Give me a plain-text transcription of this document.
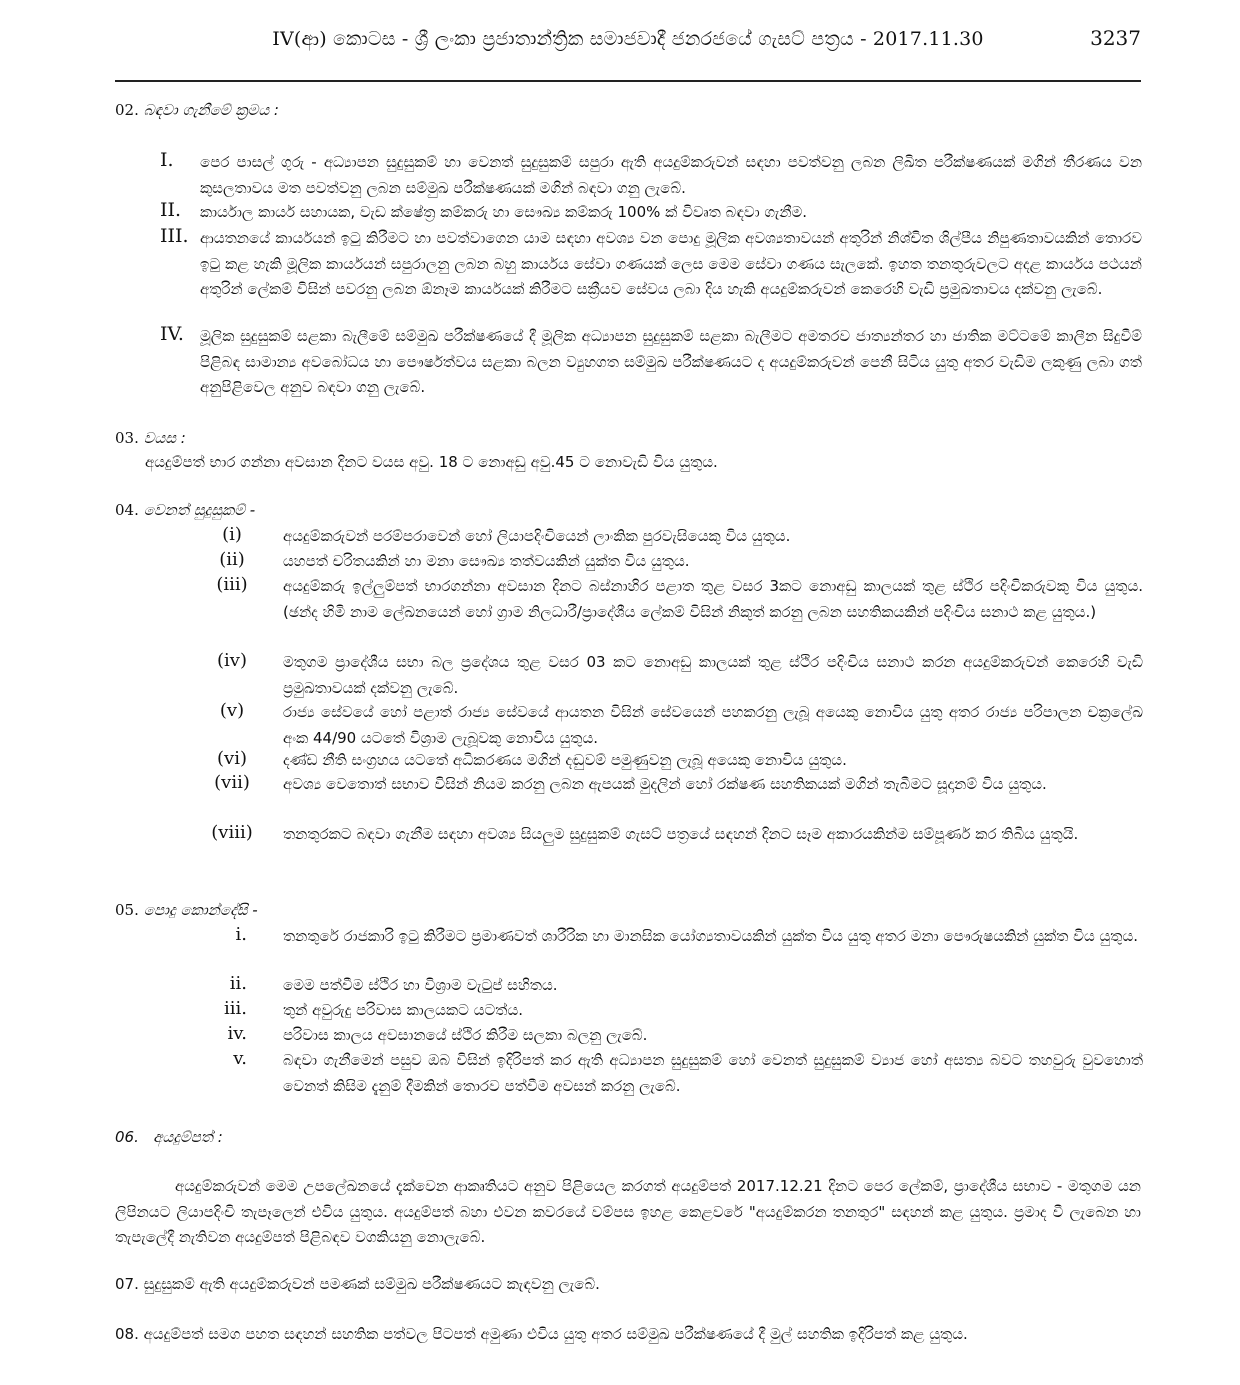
IV(ආ) කොටස - ශ්‍රී ලංකා ප්‍රජාතාන්ත්‍රික සමාජවාදී ජනරජයේ ගැසට් පත්‍රය - 2017.11.30	3237
02. බඳවා ගැනීමේ ක්‍රමය :
I.	පෙර පාසල් ගුරු - අධ්‍යාපන සුදුසුකම් හා වෙනත් සුදුසුකම් සපුරා ඇති අයදුම්කරුවන් සඳහා පවත්වනු ලබන ලිඛිත පරීක්ෂණයක් මගින් තීරණය වන කුසලතාවය මත පවත්වනු ලබන සම්මුඛ පරීක්ෂණයක් මගින් බඳවා ගනු ලැබේ.
II.	කාර්යාල කාර්ය සහායක, වැඩ ක්ෂේත්‍ර කම්කරු හා සෞඛ්‍ය කම්කරු 100% ක් විවෘත බඳවා ගැනීම.
III. ආයතනයේ කාර්යයන් ඉටු කිරීමට හා පවත්වාගෙන යාම සඳහා අවශ්‍ය වන පොදු මූලික අවශ්‍යතාවයන් අතුරින් නිශ්චිත ශිල්පීය නිපුණතාවයකින් තොරව ඉටු කළ හැකි මූලික කාර්යයන් සපුරාලනු ලබන බහු කාර්යය සේවා ගණයක් ලෙස මෙම සේවා ගණය සැලකේ. ඉහත තනතුරුවලට අදළ කාර්යය පථයන් අතුරින් ලේකම් විසින් පවරනු ලබන ඕනෑම කාර්යයක් කිරීමට සක්‍රීයව සේවය ලබා දිය හැකි අයදුම්කරුවන් කෙරෙහි වැඩි ප්‍රමුඛතාවය දක්වනු ලැබේ.
IV.	මූලික සුදුසුකම් සළකා බැලීමේ සම්මුඛ පරීක්ෂණයේ දී මූලික අධ්‍යාපන සුදුසුකම් සළකා බැලීමට අමතරව ජාත්‍යන්තර හා ජාතික මට්ටමේ කාලීන සිදුවීම් පිළිබඳ සාමාන්‍ය අවබෝධය හා පෞර්ෂත්වය සළකා බලන ව්‍යුහගත සම්මුඛ පරීක්ෂණයට ද අයදුම්කරුවන් පෙනී සිටිය යුතු අතර වැඩිම ලකුණු ලබා ගත් අනුපිළිවෙල අනුව බඳවා ගනු ලැබේ.
03. වයස :
අයදුම්පත් භාර ගන්නා අවසාන දිනට වයස අවු. 18 ට නොඅඩු අවු.45 ට නොවැඩි විය යුතුය.
04. වෙනත් සුදුසුකම් -
(i)	අයදුම්කරුවන් පරම්පරාවෙන් හෝ ලියාපදිංචියෙන් ලාංකික පුරවැසියෙකු විය යුතුය.
(ii)	යහපත් චරිතයකින් හා මනා සෞඛ්‍ය තත්වයකින් යුක්ත විය යුතුය.
(iii)	අයදුම්කරු ඉල්ලුම්පත් භාරගන්නා අවසාන දිනට බස්නාහිර පළාත තුළ වසර 3කට නොඅඩු කාලයක් තුළ ස්ථිර පදිංචිකරුවකු විය යුතුය. (ඡන්ද හිමි නාම ලේඛනයෙන් හෝ ග්‍රාම නිලධාරී/ප්‍රාදේශීය ලේකම් විසින් නිකුත් කරනු ලබන සහතිකයකින් පදිංචිය සනාථ කළ යුතුය.)
(iv)	මතුගම ප්‍රාදේශීය සභා බල ප්‍රදේශය තුළ වසර 03 කට නොඅඩු කාලයක් තුළ ස්ථිර පදිංචිය සනාථ කරන අයදුම්කරුවන් කෙරෙහි වැඩි ප්‍රමුඛතාවයක් දක්වනු ලැබේ.
(v)	රාජ්‍ය සේවයේ හෝ පළාත් රාජ්‍ය සේවයේ ආයතන විසින් සේවයෙන් පහකරනු ලැබූ අයෙකු නොවිය යුතු අතර රාජ්‍ය පරිපාලන චක්‍රලේඛ අංක 44/90 යටතේ විශ්‍රාම ලැබූවකු නොවිය යුතුය.
(vi)	දණ්ඩ නීති සංග්‍රහය යටතේ අධිකරණය මගින් දඬුවම් පමුණුවනු ලැබූ අයෙකු නොවිය යුතුය.
(vii)	අවශ්‍ය වෙතොත් සභාව විසින් නියම කරනු ලබන ඇපයක් මුදලින් හෝ රක්ෂණ සහතිකයක් මගින් තැබීමට සූදානම් විය යුතුය.
(viii)	තනතුරකට බඳවා ගැනීම සඳහා අවශ්‍ය සියලුම සුදුසුකම් ගැසට් පත්‍රයේ සඳහන් දිනට සෑම අකාරයකින්ම සම්පූර්ණ කර තිබිය යුතුයි.
05. පොදු කොන්දේසි -
i. තනතුරේ රාජකාරි ඉටු කිරීමට ප්‍රමාණවත් ශාරීරික හා මානසික යෝග්‍යතාවයකින් යුක්ත විය යුතු අතර මනා පෞරුෂයකින් යුක්ත විය යුතුය.
ii. මෙම පත්වීම ස්ථිර හා විශ්‍රාම වැටුප් සහිතය.
iii. තුන් අවුරුදු පරිවාස කාලයකට යටත්ය.
iv. පරිවාස කාලය අවසානයේ ස්ථිර කිරීම සලකා බලනු ලැබේ.
v. බඳවා ගැනීමෙන් පසුව ඔබ විසින් ඉදිරිපත් කර ඇති අධ්‍යාපන සුදුසුකම් හෝ වෙනත් සුදුසුකම් ව්‍යාජ හෝ අසත්‍ය බවට තහවුරු වුවහොත් වෙනත් කිසිම දැනුම් දීමකින් තොරව පත්වීම අවසන් කරනු ලැබේ.
06. අයදුම්පත් :
අයදුම්කරුවන් මෙම උපලේඛනයේ දැක්වෙන ආකෘතියට අනුව පිළියෙල කරගත් අයදුම්පත් 2017.12.21 දිනට පෙර ලේකම්, ප්‍රාදේශීය සභාව - මතුගම යන ලිපිනයට ලියාපදිංචි තැපෑලෙන් එවිය යුතුය. අයදුම්පත් බහා එවන කවරයේ වම්පස ඉහළ කෙළවරේ "අයදුම්කරන තනතුර" සඳහන් කළ යුතුය. ප්‍රමාද වී ලැබෙන හා තැපැලේදී නැතිවන අයදුම්පත් පිළිබඳව වගකියනු නොලැබේ.
07. සුදුසුකම් ඇති අයදුම්කරුවන් පමණක් සම්මුඛ පරීක්ෂණයට කැඳවනු ලැබේ.
08. අයදුම්පත් සමග පහත සඳහන් සහතික පත්වල පිටපත් අමුණා එවිය යුතු අතර සම්මුඛ පරීක්ෂණයේ දී මුල් සහතික ඉදිරිපත් කළ යුතුය.
